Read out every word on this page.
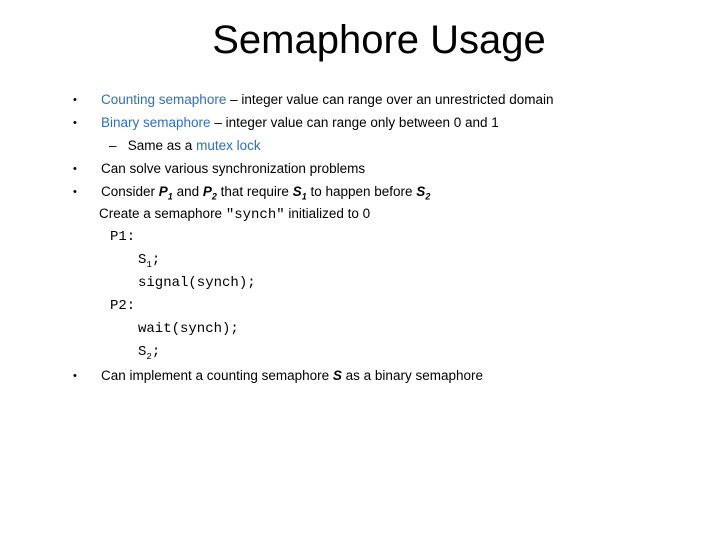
Semaphore Usage
• Counting semaphore – integer value can range over an unrestricted domain
• Binary semaphore – integer value can range only between 0 and 1
– Same as a mutex lock
• Can solve various synchronization problems
• Consider $P_1$ and $P_2$ that require $S_1$ to happen before $S_2$
Create a semaphore "synch" initialized to 0
P1:
$S_1$;
signal(synch);
P2:
wait(synch);
$S_2$;
• Can implement a counting semaphore S as a binary semaphore
